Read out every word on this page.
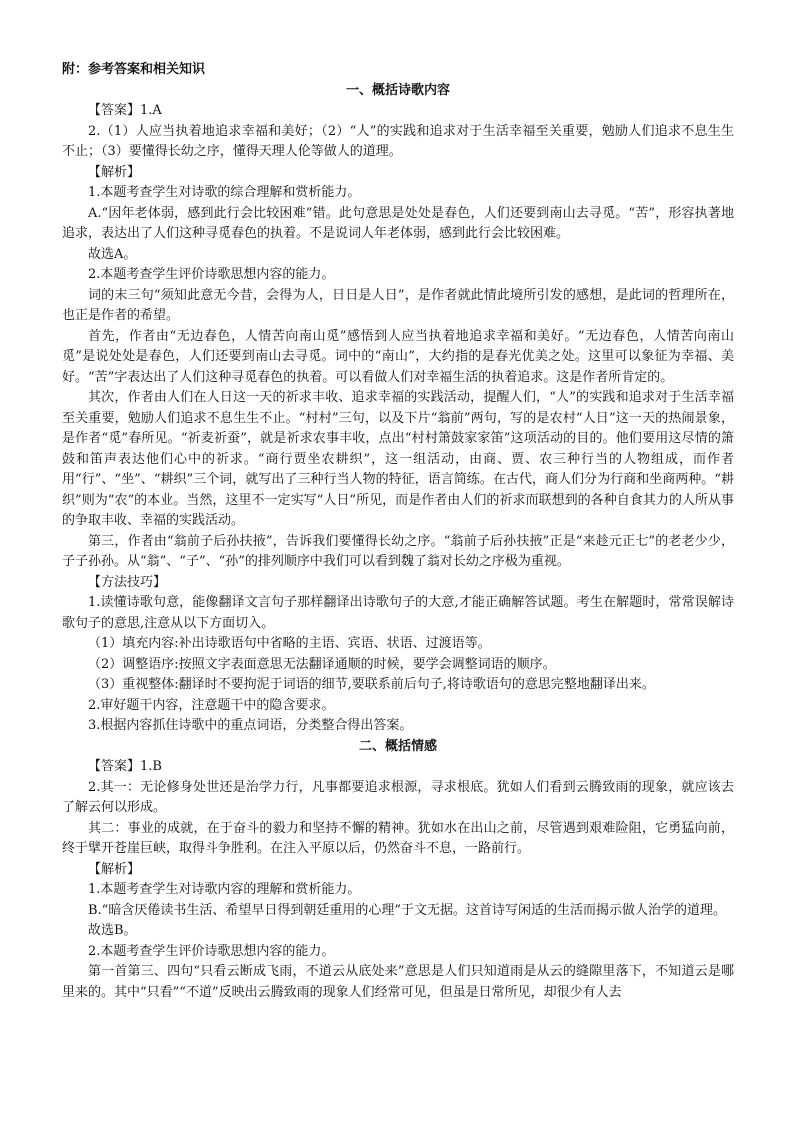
附：参考答案和相关知识

一、概括诗歌内容

【答案】1.A

2.（1）人应当执着地追求幸福和美好；（2）“人”的实践和追求对于生活幸福至关重要，勉励人们追求不息生生不止；（3）要懂得长幼之序，懂得天理人伦等做人的道理。

【解析】

1.本题考查学生对诗歌的综合理解和赏析能力。

A.“因年老体弱，感到此行会比较困难”错。此句意思是处处是春色，人们还要到南山去寻觅。“苦”，形容执著地追求，表达出了人们这种寻觅春色的执着。不是说词人年老体弱，感到此行会比较困难。

故选A。

2.本题考查学生评价诗歌思想内容的能力。

词的末三句“须知此意无今昔，会得为人，日日是人日”，是作者就此情此境所引发的感想，是此词的哲理所在，也正是作者的希望。

首先，作者由“无边春色，人情苦向南山觅”感悟到人应当执着地追求幸福和美好。“无边春色，人情苦向南山觅”是说处处是春色，人们还要到南山去寻觅。词中的“南山”，大约指的是春光优美之处。这里可以象征为幸福、美好。“苦”字表达出了人们这种寻觅春色的执着。可以看做人们对幸福生活的执着追求。这是作者所肯定的。

其次，作者由人们在人日这一天的祈求丰收、追求幸福的实践活动，提醒人们，“人”的实践和追求对于生活幸福至关重要，勉励人们追求不息生生不止。“村村”三句，以及下片“翁前”两句，写的是农村“人日”这一天的热闹景象，是作者“觅”春所见。“祈麦祈蚕”，就是祈求农事丰收，点出“村村箫鼓家家笛”这项活动的目的。他们要用这尽情的箫鼓和笛声表达他们心中的祈求。“商行贾坐农耕织”，这一组活动，由商、贾、农三种行当的人物组成，而作者用“行”、“坐”、“耕织”三个词，就写出了三种行当人物的特征，语言简练。在古代，商人们分为行商和坐商两种。“耕织”则为“农”的本业。当然，这里不一定实写“人日”所见，而是作者由人们的祈求而联想到的各种自食其力的人所从事的争取丰收、幸福的实践活动。

第三，作者由“翁前子后孙扶掖”，告诉我们要懂得长幼之序。“翁前子后孙扶掖”正是“来趁元正七”的老老少少，子子孙孙。从“翁”、“子”、“孙”的排列顺序中我们可以看到魏了翁对长幼之序极为重视。

【方法技巧】

1.读懂诗歌句意，能像翻译文言句子那样翻译出诗歌句子的大意,才能正确解答试题。考生在解题时，常常误解诗歌句子的意思,注意从以下方面切入。

（1）填充内容:补出诗歌语句中省略的主语、宾语、状语、过渡语等。

（2）调整语序:按照文字表面意思无法翻译通顺的时候，要学会调整词语的顺序。

（3）重视整体:翻译时不要拘泥于词语的细节,要联系前后句子,将诗歌语句的意思完整地翻译出来。

2.审好题干内容，注意题干中的隐含要求。

3.根据内容抓住诗歌中的重点词语，分类整合得出答案。

二、概括情感

【答案】1.B

2.其一：无论修身处世还是治学力行，凡事都要追求根源，寻求根底。犹如人们看到云腾致雨的现象，就应该去了解云何以形成。

其二：事业的成就，在于奋斗的毅力和坚持不懈的精神。犹如水在出山之前，尽管遇到艰难险阻，它勇猛向前，终于擘开苍崖巨峡，取得斗争胜利。在注入平原以后，仍然奋斗不息，一路前行。

【解析】

1.本题考查学生对诗歌内容的理解和赏析能力。

B.“暗含厌倦读书生活、希望早日得到朝廷重用的心理”于文无据。这首诗写闲适的生活而揭示做人治学的道理。

故选B。

2.本题考查学生评价诗歌思想内容的能力。

第一首第三、四句“只看云断成飞雨，不道云从底处来”意思是人们只知道雨是从云的缝隙里落下，不知道云是哪里来的。其中“只看”“不道”反映出云腾致雨的现象人们经常可见，但虽是日常所见，却很少有人去
